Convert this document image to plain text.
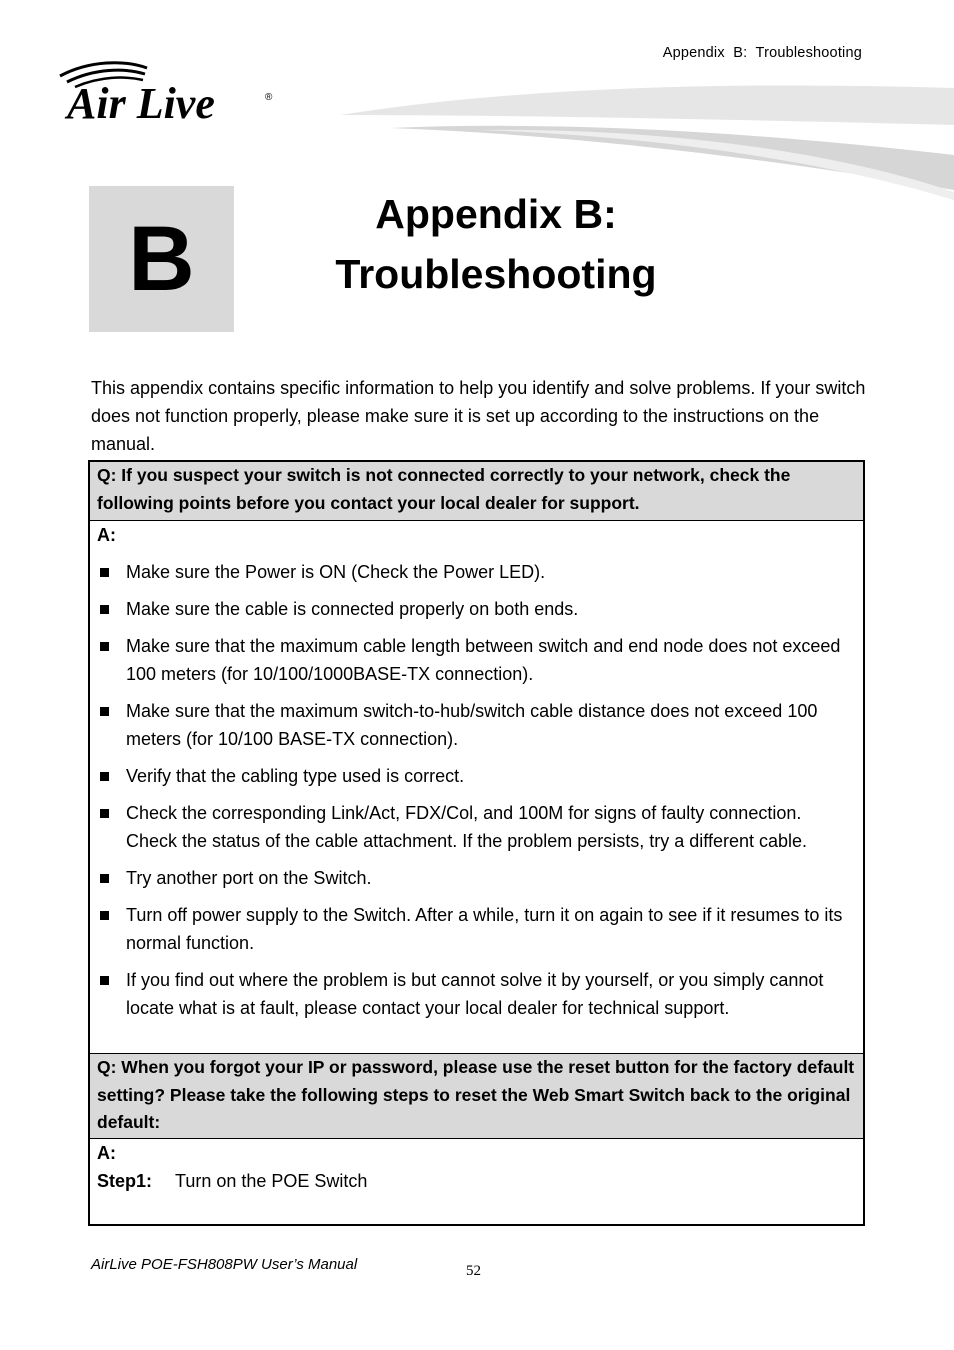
Appendix  B:  Troubleshooting
Air Live	®
B	Appendix B:
Troubleshooting

This appendix contains specific information to help you identify and solve problems. If your switch does not function properly, please make sure it is set up according to the instructions on the manual.

Q: If you suspect your switch is not connected correctly to your network, check the following points before you contact your local dealer for support.
A:
Make sure the Power is ON (Check the Power LED).
Make sure the cable is connected properly on both ends.
Make sure that the maximum cable length between switch and end node does not exceed 100 meters (for 10/100/1000BASE-TX connection).
Make sure that the maximum switch-to-hub/switch cable distance does not exceed 100 meters (for 10/100 BASE-TX connection).
Verify that the cabling type used is correct.
Check the corresponding Link/Act, FDX/Col, and 100M for signs of faulty connection. Check the status of the cable attachment. If the problem persists, try a different cable.
Try another port on the Switch.
Turn off power supply to the Switch. After a while, turn it on again to see if it resumes to its normal function.
If you find out where the problem is but cannot solve it by yourself, or you simply cannot locate what is at fault, please contact your local dealer for technical support.
Q: When you forgot your IP or password, please use the reset button for the factory default setting? Please take the following steps to reset the Web Smart Switch back to the original default:
A:
Step1:	Turn on the POE Switch
AirLive POE-FSH808PW User’s Manual	52
